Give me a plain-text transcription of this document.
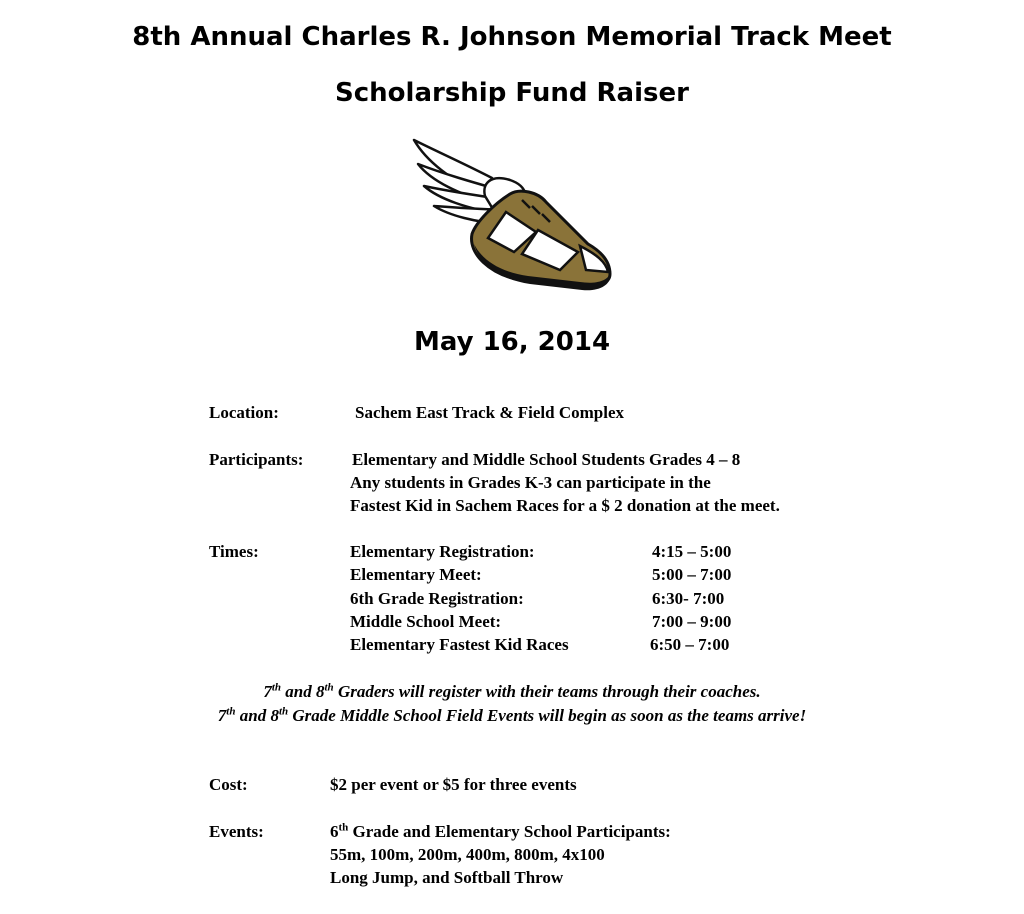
8th Annual Charles R. Johnson Memorial Track Meet
Scholarship Fund Raiser
May 16, 2014
Location:	Sachem East Track & Field Complex
Participants:	Elementary and Middle School Students Grades 4 – 8
Any students in Grades K-3 can participate in the
Fastest Kid in Sachem Races for a $ 2 donation at the meet.
Times:	Elementary Registration:	4:15 – 5:00
Elementary Meet:	5:00 – 7:00
6th Grade Registration:	6:30- 7:00
Middle School Meet:	7:00 – 9:00
Elementary Fastest Kid Races	6:50 – 7:00
7th and 8th Graders will register with their teams through their coaches.
7th and 8th Grade Middle School Field Events will begin as soon as the teams arrive!
Cost:	$2 per event or $5 for three events
Events:	6th Grade and Elementary School Participants:
55m, 100m, 200m, 400m, 800m, 4x100
Long Jump, and Softball Throw
